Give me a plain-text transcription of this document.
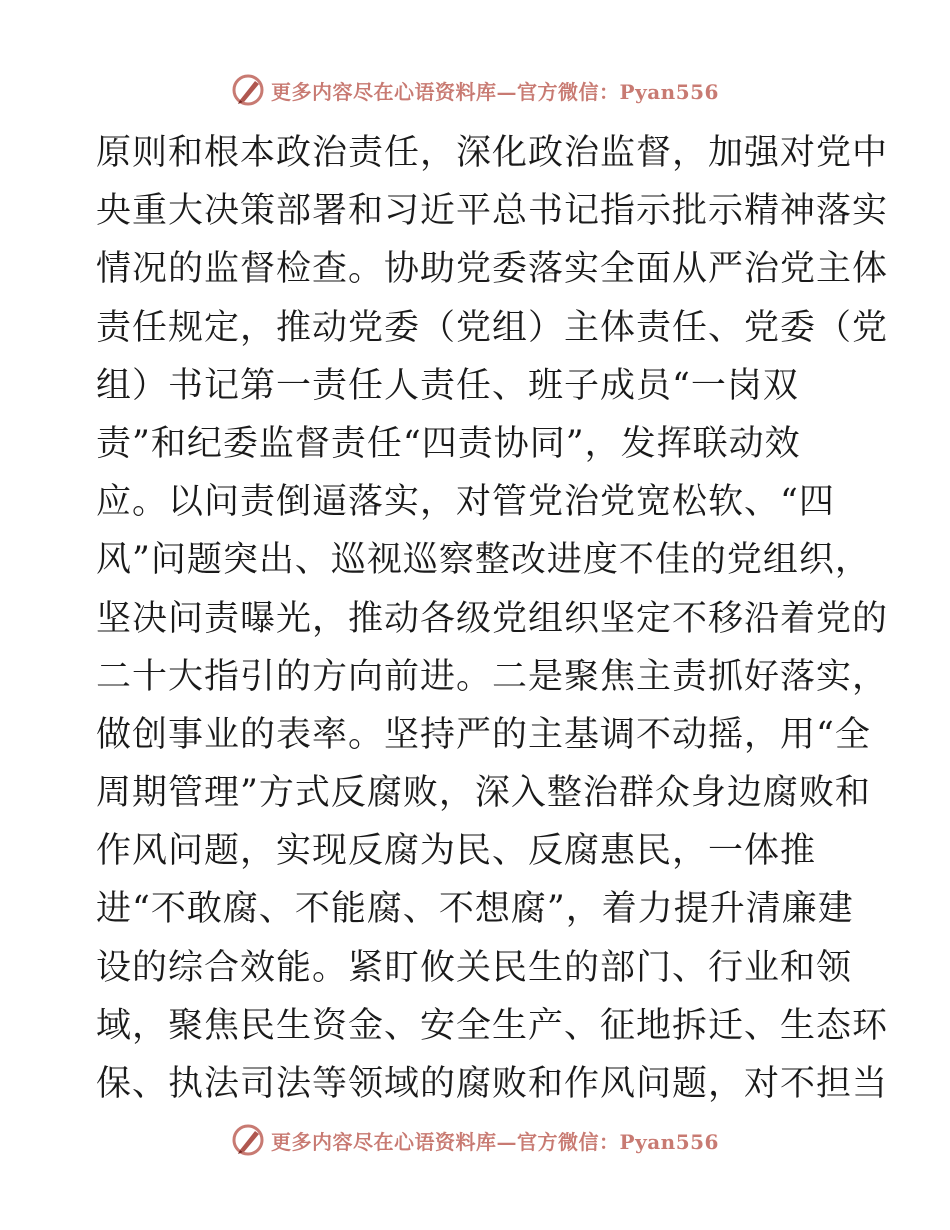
更多内容尽在心语资料库—官方微信：Pyan556
原则和根本政治责任，深化政治监督，加强对党中
央重大决策部署和习近平总书记指示批示精神落实
情况的监督检查。协助党委落实全面从严治党主体
责任规定，推动党委（党组）主体责任、党委（党
组）书记第一责任人责任、班子成员“一岗双
责”和纪委监督责任“四责协同”，发挥联动效
应。以问责倒逼落实，对管党治党宽松软、“四
风”问题突出、巡视巡察整改进度不佳的党组织，
坚决问责曝光，推动各级党组织坚定不移沿着党的
二十大指引的方向前进。二是聚焦主责抓好落实，
做创事业的表率。坚持严的主基调不动摇，用“全
周期管理”方式反腐败，深入整治群众身边腐败和
作风问题，实现反腐为民、反腐惠民，一体推
进“不敢腐、不能腐、不想腐”，着力提升清廉建
设的综合效能。紧盯攸关民生的部门、行业和领
域，聚焦民生资金、安全生产、征地拆迁、生态环
保、执法司法等领域的腐败和作风问题，对不担当
更多内容尽在心语资料库—官方微信：Pyan556
